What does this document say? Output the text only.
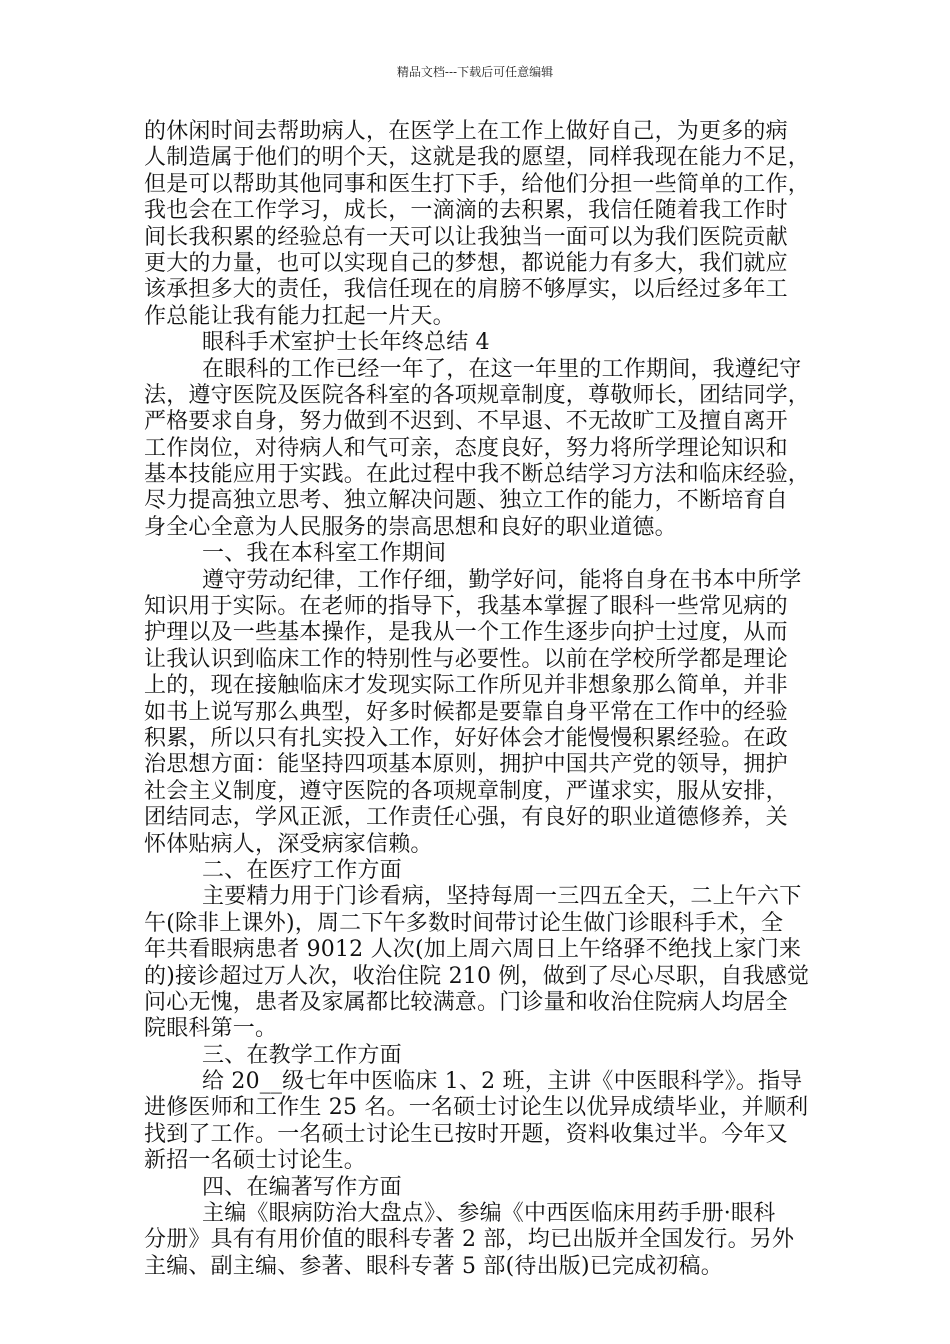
精品文档---下载后可任意编辑
的休闲时间去帮助病人，在医学上在工作上做好自己，为更多的病
人制造属于他们的明个天，这就是我的愿望，同样我现在能力不足，
但是可以帮助其他同事和医生打下手，给他们分担一些简单的工作，
我也会在工作学习，成长，一滴滴的去积累，我信任随着我工作时
间长我积累的经验总有一天可以让我独当一面可以为我们医院贡献
更大的力量，也可以实现自己的梦想，都说能力有多大，我们就应
该承担多大的责任，我信任现在的肩膀不够厚实，以后经过多年工
作总能让我有能力扛起一片天。
眼科手术室护士长年终总结 4
在眼科的工作已经一年了，在这一年里的工作期间，我遵纪守
法，遵守医院及医院各科室的各项规章制度，尊敬师长，团结同学，
严格要求自身，努力做到不迟到、不早退、不无故旷工及擅自离开
工作岗位，对待病人和气可亲，态度良好，努力将所学理论知识和
基本技能应用于实践。在此过程中我不断总结学习方法和临床经验，
尽力提高独立思考、独立解决问题、独立工作的能力，不断培育自
身全心全意为人民服务的崇高思想和良好的职业道德。
一、我在本科室工作期间
遵守劳动纪律，工作仔细，勤学好问，能将自身在书本中所学
知识用于实际。在老师的指导下，我基本掌握了眼科一些常见病的
护理以及一些基本操作，是我从一个工作生逐步向护士过度，从而
让我认识到临床工作的特别性与必要性。以前在学校所学都是理论
上的，现在接触临床才发现实际工作所见并非想象那么简单，并非
如书上说写那么典型，好多时候都是要靠自身平常在工作中的经验
积累，所以只有扎实投入工作，好好体会才能慢慢积累经验。在政
治思想方面：能坚持四项基本原则，拥护中国共产党的领导，拥护
社会主义制度，遵守医院的各项规章制度，严谨求实，服从安排，
团结同志，学风正派，工作责任心强，有良好的职业道德修养，关
怀体贴病人，深受病家信赖。
二、在医疗工作方面
主要精力用于门诊看病，坚持每周一三四五全天，二上午六下
午(除非上课外)，周二下午多数时间带讨论生做门诊眼科手术，全
年共看眼病患者 9012 人次(加上周六周日上午络驿不绝找上家门来
的)接诊超过万人次，收治住院 210 例，做到了尽心尽职，自我感觉
问心无愧，患者及家属都比较满意。门诊量和收治住院病人均居全
院眼科第一。
三、在教学工作方面
给 20__级七年中医临床 1、2 班，主讲《中医眼科学》。指导
进修医师和工作生 25 名。一名硕士讨论生以优异成绩毕业，并顺利
找到了工作。一名硕士讨论生已按时开题，资料收集过半。今年又
新招一名硕士讨论生。
四、在编著写作方面
主编《眼病防治大盘点》、参编《中西医临床用药手册·眼科
分册》具有有用价值的眼科专著 2 部，均已出版并全国发行。另外
主编、副主编、参著、眼科专著 5 部(待出版)已完成初稿。
